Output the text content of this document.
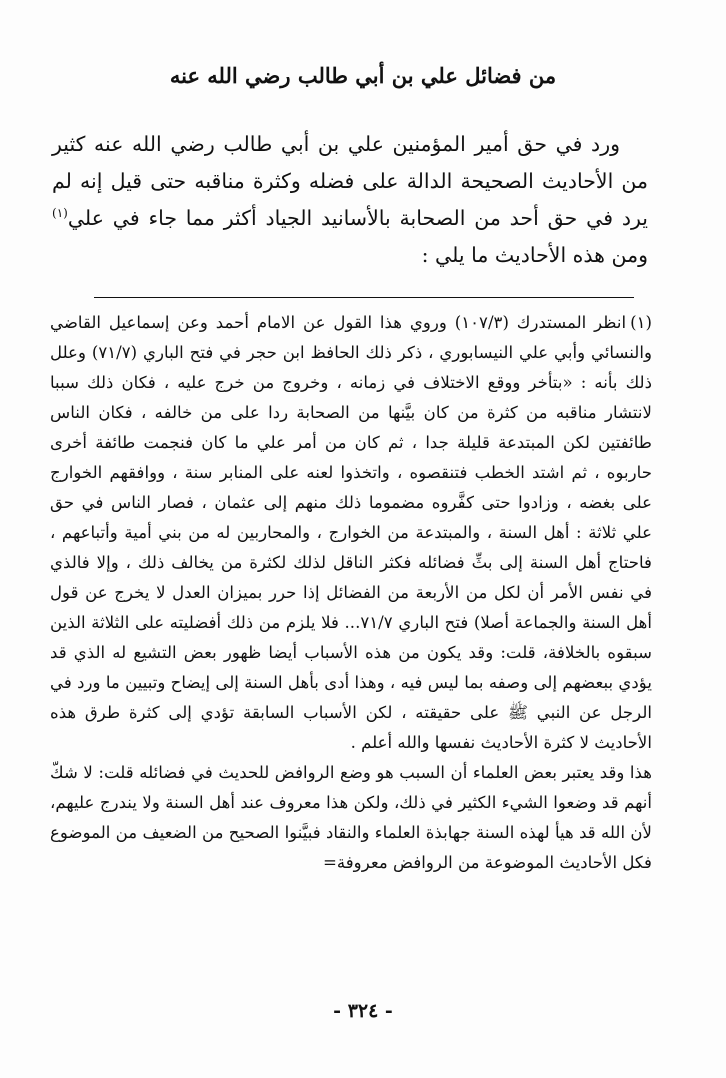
من فضائل علي بن أبي طالب رضي الله عنه

ورد في حق أمير المؤمنين علي بن أبي طالب رضي الله عنه كثير من الأحاديث الصحيحة الدالة على فضله وكثرة مناقبه حتى قيل إنه لم يرد في حق أحد من الصحابة بالأسانيد الجياد أكثر مما جاء في علي$^{(١)}$ ومن هذه الأحاديث ما يلي :

(١)انظر المستدرك (١٠٧/٣) وروي هذا القول عن الامام أحمد وعن إسماعيل القاضي والنسائي وأبي علي النيسابوري ، ذكر ذلك الحافظ ابن حجر في فتح الباري (٧١/٧) وعلل ذلك بأنه : «بتأخر ووقع الاختلاف في زمانه ، وخروج من خرج عليه ، فكان ذلك سببا لانتشار مناقبه من كثرة من كان بيَّنها من الصحابة ردا على من خالفه ، فكان الناس طائفتين لكن المبتدعة قليلة جدا ، ثم كان من أمر علي ما كان فنجمت طائفة أخرى حاربوه ، ثم اشتد الخطب فتنقصوه ، واتخذوا لعنه على المنابر سنة ، ووافقهم الخوارج على بغضه ، وزادوا حتى كفَّروه مضموما ذلك منهم إلى عثمان ، فصار الناس في حق علي ثلاثة : أهل السنة ، والمبتدعة من الخوارج ، والمحاربين له من بني أمية وأتباعهم ، فاحتاج أهل السنة إلى بثِّ فضائله فكثر الناقل لذلك لكثرة من يخالف ذلك ، وإلا فالذي في نفس الأمر أن لكل من الأربعة من الفضائل إذا حرر بميزان العدل لا يخرج عن قول أهل السنة والجماعة أصلا) فتح الباري ٧١/٧... فلا يلزم من ذلك أفضليته على الثلاثة الذين سبقوه بالخلافة، قلت: وقد يكون من هذه الأسباب أيضا ظهور بعض التشيع له الذي قد يؤدي ببعضهم إلى وصفه بما ليس فيه ، وهذا أدى بأهل السنة إلى إيضاح وتبيين ما ورد في الرجل عن النبي ﷺ على حقيقته ، لكن الأسباب السابقة تؤدي إلى كثرة طرق هذه الأحاديث لا كثرة الأحاديث نفسها والله أعلم .

هذا وقد يعتبر بعض العلماء أن السبب هو وضع الروافض للحديث في فضائله قلت: لا شكّ أنهم قد وضعوا الشيء الكثير في ذلك، ولكن هذا معروف عند أهل السنة ولا يندرج عليهم، لأن الله قد هيأ لهذه السنة جهابذة العلماء والنقاد فبيَّنوا الصحيح من الضعيف من الموضوع فكل الأحاديث الموضوعة من الروافض معروفة=

- ٣٢٤ -
